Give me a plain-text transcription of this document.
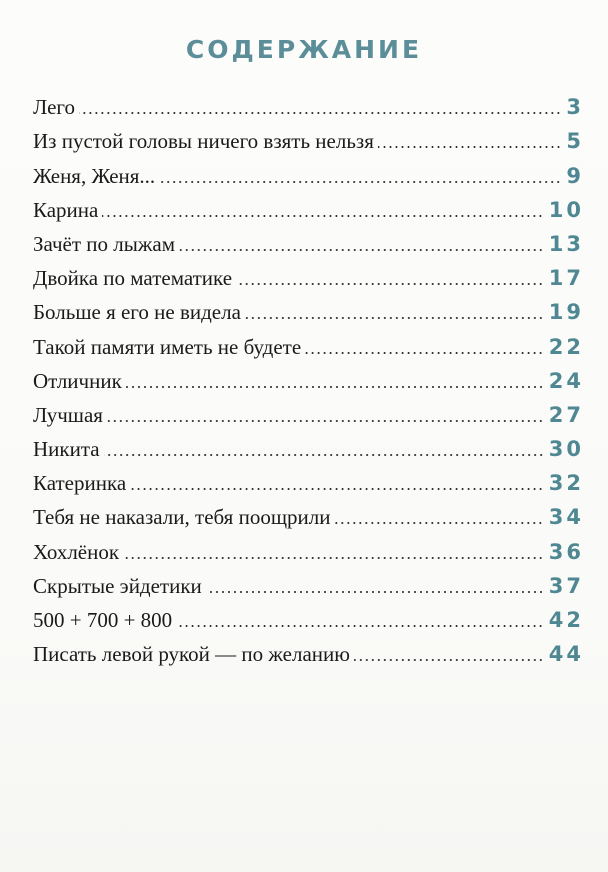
СОДЕРЖАНИЕ
Лего	3
Из пустой головы ничего взять нельзя	5
Женя, Женя...	9
Карина	10
Зачёт по лыжам	13
Двойка по математике	17
Больше я его не видела	19
Такой памяти иметь не будете	22
Отличник	24
Лучшая	27
Никита	30
Катеринка	32
Тебя не наказали, тебя поощрили	34
Хохлёнок	36
Скрытые эйдетики	37
500 + 700 + 800	42
Писать левой рукой — по желанию	44
